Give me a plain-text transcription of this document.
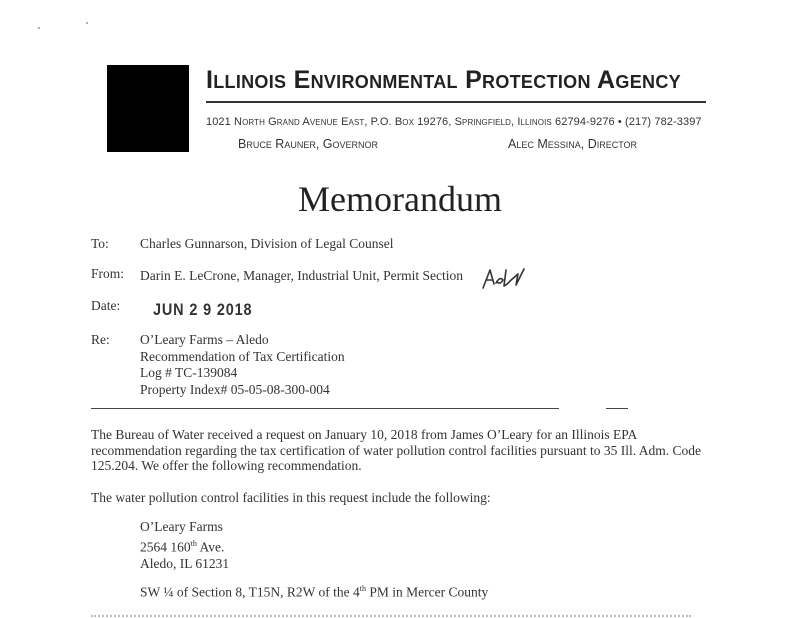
Illinois Environmental Protection Agency
1021 North Grand Avenue East, P.O. Box 19276, Springfield, Illinois 62794-9276 • (217) 782-3397
Bruce Rauner, Governor	Alec Messina, Director
Memorandum
To: Charles Gunnarson, Division of Legal Counsel
From: Darin E. LeCrone, Manager, Industrial Unit, Permit Section
Date: JUN 2 9 2018
Re: O’Leary Farms – Aledo
Recommendation of Tax Certification
Log # TC-139084
Property Index# 05-05-08-300-004
The Bureau of Water received a request on January 10, 2018 from James O’Leary for an Illinois EPA recommendation regarding the tax certification of water pollution control facilities pursuant to 35 Ill. Adm. Code 125.204. We offer the following recommendation.
The water pollution control facilities in this request include the following:
O’Leary Farms
2564 160th Ave.
Aledo, IL 61231
SW ¼ of Section 8, T15N, R2W of the 4th PM in Mercer County
